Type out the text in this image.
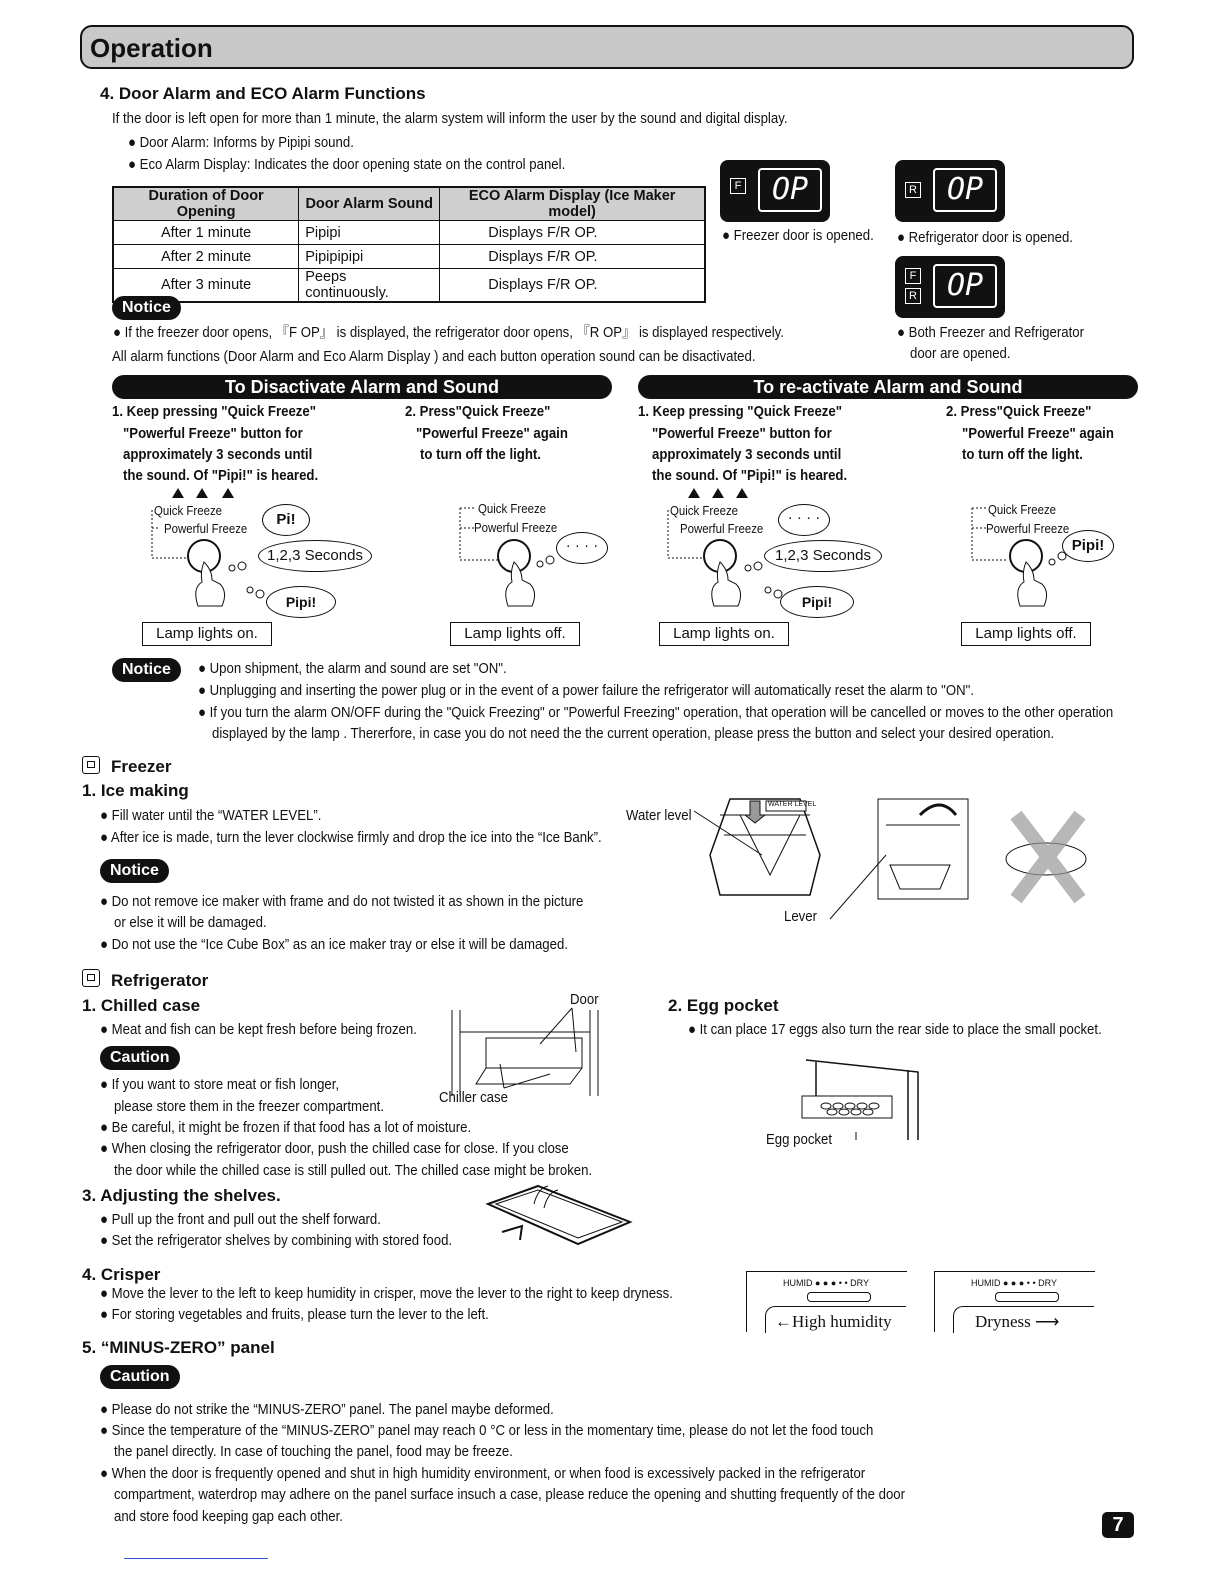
Operation
4. Door Alarm and ECO Alarm Functions
If the door is left open for more than 1 minute, the alarm system will inform the user by the sound and digital display.
● Door Alarm: Informs by Pipipi sound.
● Eco Alarm Display: Indicates the door opening state on the control panel.
Duration of Door Opening	Door Alarm Sound	ECO Alarm Display (Ice Maker model)
After 1 minute	Pipipi	Displays F/R OP.
After 2 minute	Pipipipipi	Displays F/R OP.
After 3 minute	Peeps continuously.	Displays F/R OP.
F	OP
● Freezer door is opened.
R OP
● Refrigerator door is opened.
F
R OP
● Both Freezer and Refrigerator
door are opened.
Notice
● If the freezer door opens, 『F OP』 is displayed, the refrigerator door opens, 『R OP』 is displayed respectively.
All alarm functions (Door Alarm and Eco Alarm Display ) and each button operation sound can be disactivated.
To Disactivate Alarm and Sound	To re-activate Alarm and Sound
1. Keep pressing "Quick Freeze"
"Powerful Freeze" button for
approximately 3 seconds until
the sound. Of "Pipi!" is heared.
2. Press"Quick Freeze"
"Powerful Freeze" again
to turn off the light.
1. Keep pressing "Quick Freeze"
"Powerful Freeze" button for
approximately 3 seconds until
the sound. Of "Pipi!" is heared.
2. Press"Quick Freeze"
"Powerful Freeze" again
to turn off the light.
Quick Freeze
Powerful Freeze
Pi!
1,2,3 Seconds
Pipi!
Lamp lights on.
Quick Freeze
Powerful Freeze
· · · ·
Lamp lights off.
Quick Freeze
Powerful Freeze
· · · ·
1,2,3 Seconds
Pipi!
Lamp lights on.
Quick Freeze
Powerful Freeze
Pipi!
Lamp lights off.
Notice	● Upon shipment, the alarm and sound are set "ON".
● Unplugging and inserting the power plug or in the event of a power failure the refrigerator will automatically reset the alarm to "ON".
● If you turn the alarm ON/OFF during the "Quick Freezing" or "Powerful Freezing" operation, that operation will be cancelled or moves to the other operation
displayed by the lamp . Thererfore, in case you do not need the the current operation, please press the button and select your desired operation.
Freezer
1. Ice making
● Fill water until the “WATER LEVEL”.
● After ice is made, turn the lever clockwise firmly and drop the ice into the “Ice Bank”.
Notice
● Do not remove ice maker with frame and do not twisted it as shown in the picture
or else it will be damaged.
● Do not use the “Ice Cube Box” as an ice maker tray or else it will be damaged.
Water level
Lever
WATER LEVEL
Refrigerator
1. Chilled case
● Meat and fish can be kept fresh before being frozen.
Caution
● If you want to store meat or fish longer,
please store them in the freezer compartment.
● Be careful, it might be frozen if that food has a lot of moisture.
● When closing the refrigerator door, push the chilled case for close. If you close
the door while the chilled case is still pulled out. The chilled case might be broken.
Door
Chiller case
2. Egg pocket
● It can place 17 eggs also turn the rear side to place the small pocket.
Egg pocket
3. Adjusting the shelves.
● Pull up the front and pull out the shelf forward.
● Set the refrigerator shelves by combining with stored food.
4. Crisper
● Move the lever to the left to keep humidity in crisper, move the lever to the right to keep dryness.
● For storing vegetables and fruits, please turn the lever to the left.
HUMID ● ● ● • • DRY
←High humidity
HUMID ● ● ● • • DRY
Dryness ⟶
5. “MINUS-ZERO” panel
Caution
● Please do not strike the “MINUS-ZERO” panel. The panel maybe deformed.
● Since the temperature of the “MINUS-ZERO” panel may reach 0 °C or less in the momentary time, please do not let the food touch
the panel directly. In case of touching the panel, food may be freeze.
● When the door is frequently opened and shut in high humidity environment, or when food is excessively packed in the refrigerator
compartment, waterdrop may adhere on the panel surface insuch a case, please reduce the opening and shutting frequently of the door
and store food keeping gap each other.	7
